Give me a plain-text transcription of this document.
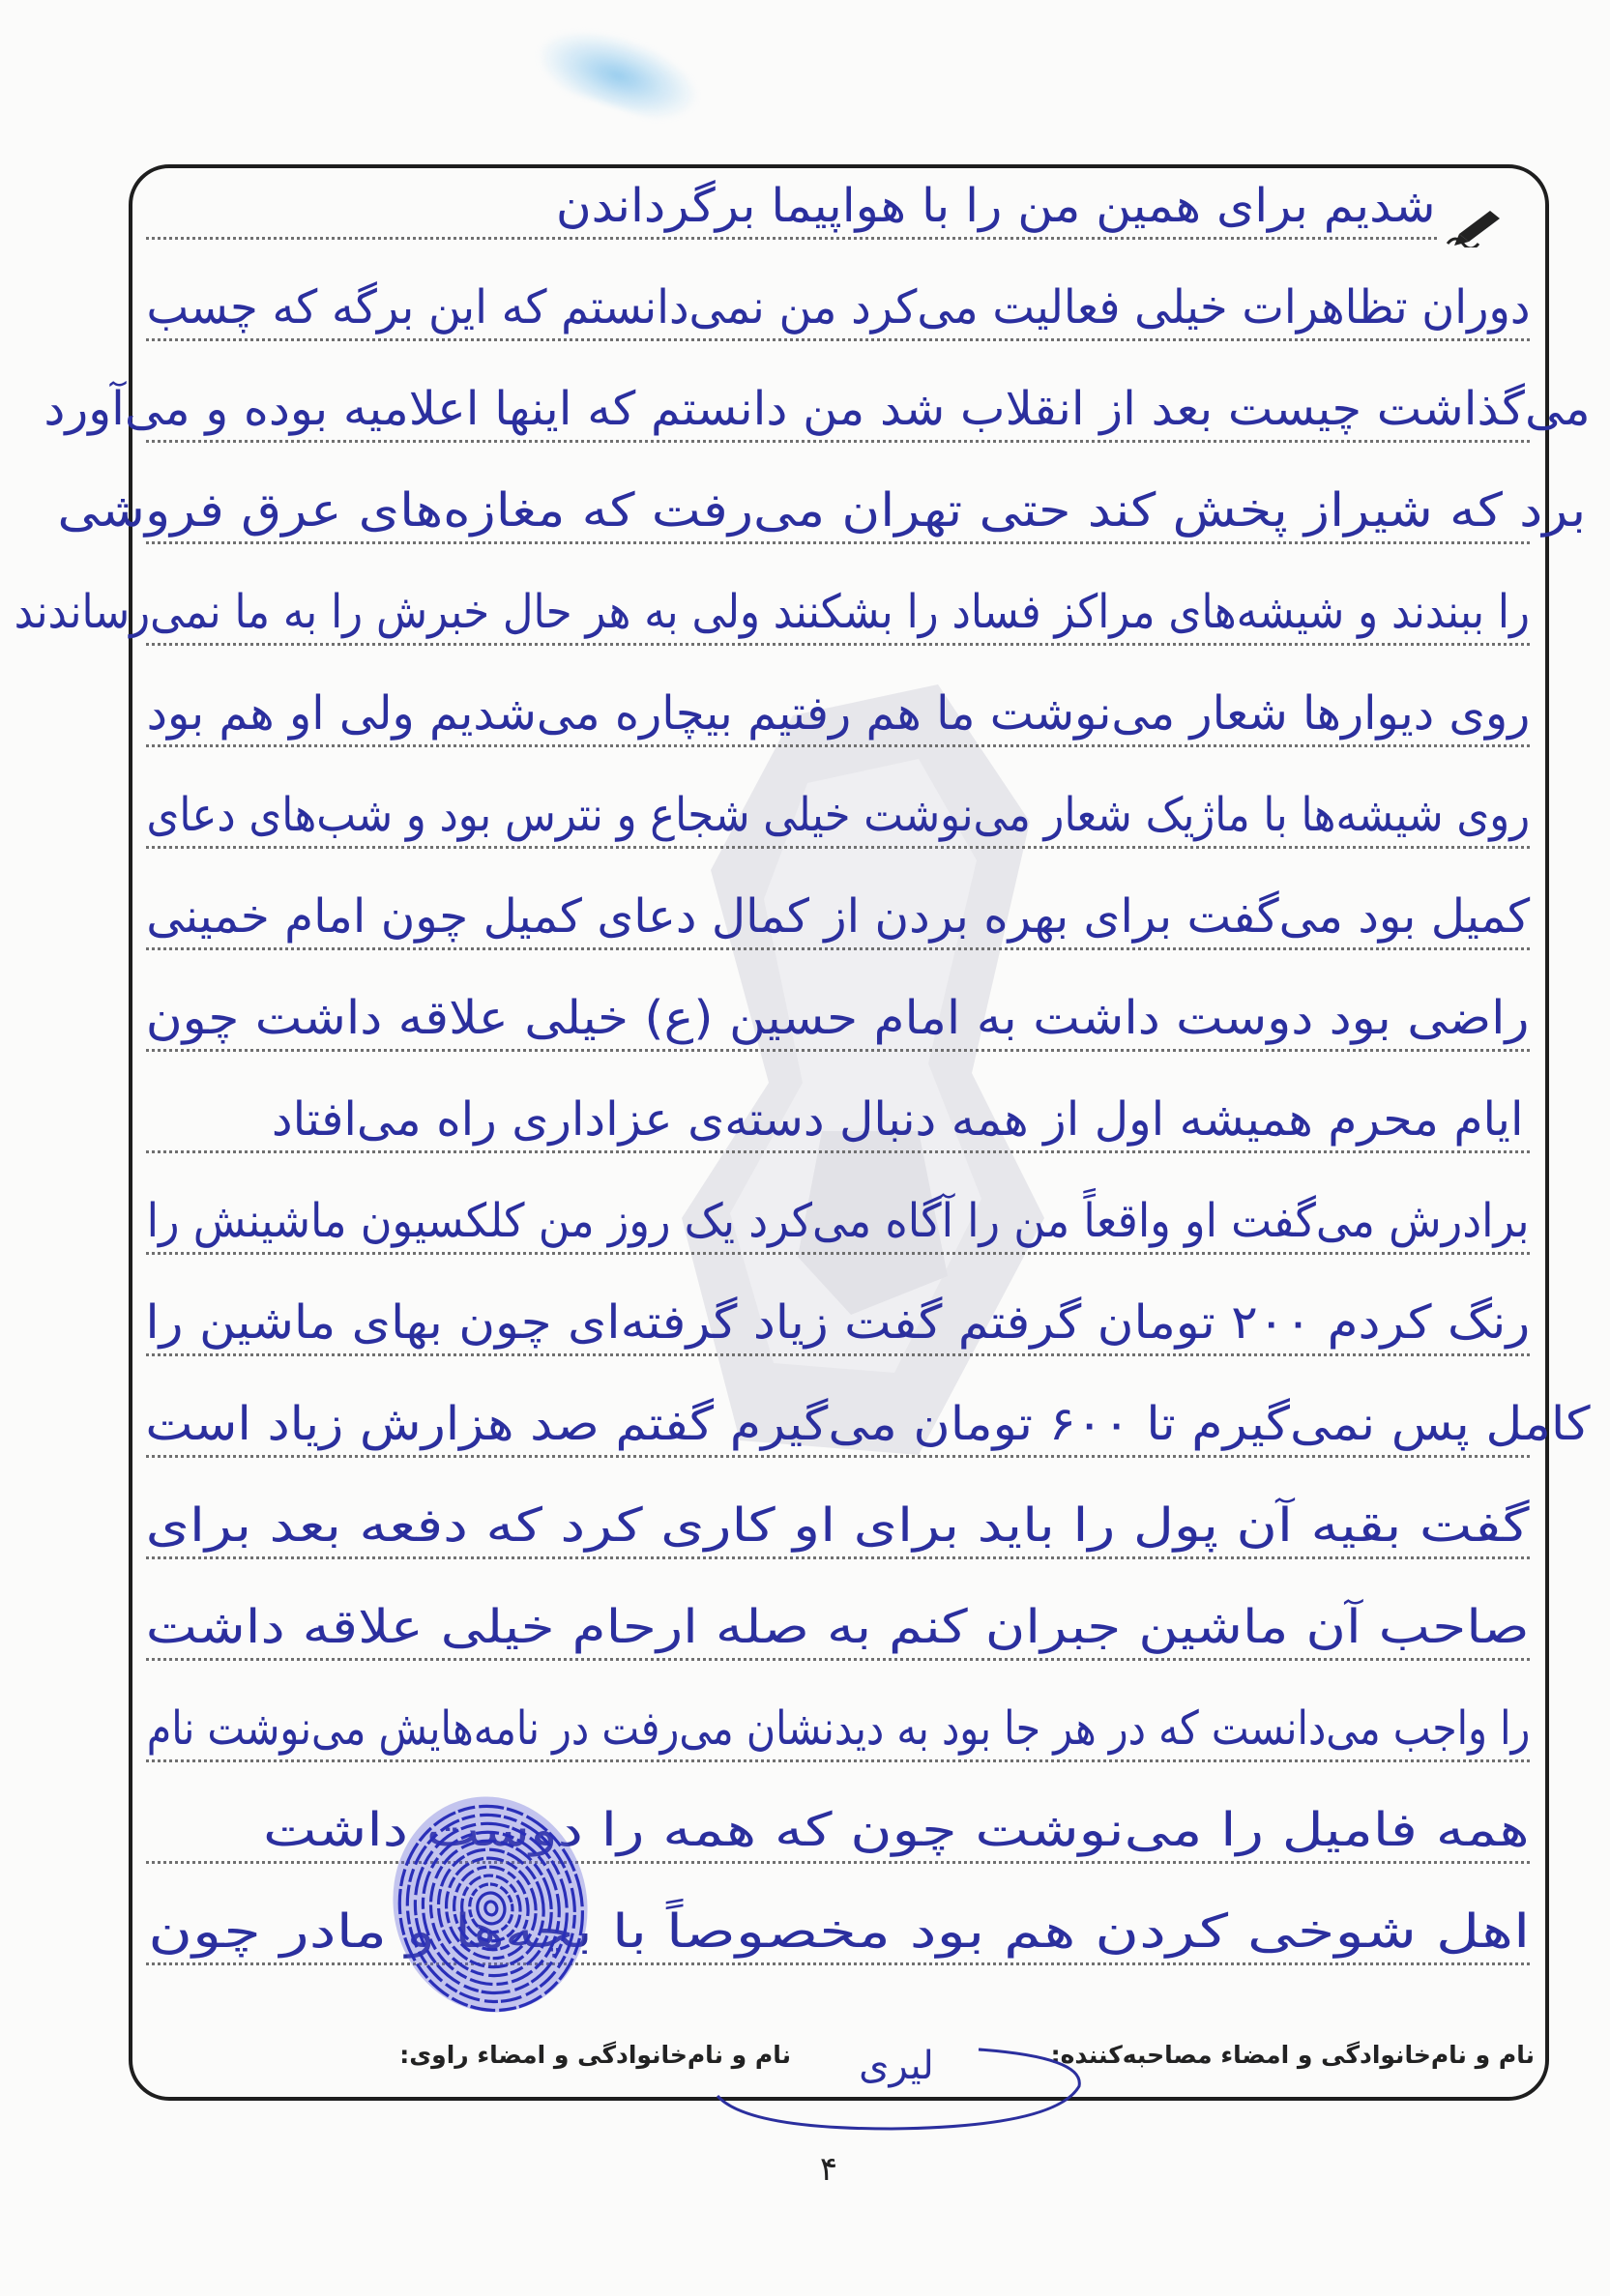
شدیم برای همین من را با هواپیما برگرداندن
دوران تظاهرات خیلی فعالیت می‌کرد من نمی‌دانستم که این برگه که چسب
می‌گذاشت چیست بعد از انقلاب شد من دانستم که اینها اعلامیه بوده و می‌آورد
برد که شیراز پخش کند حتی تهران می‌رفت که مغازه‌های عرق فروشی
را ببندند و شیشه‌های مراکز فساد را بشکنند ولی به هر حال خبرش را به ما نمی‌رساندند
روی دیوارها شعار می‌نوشت ما هم رفتیم بیچاره می‌شدیم ولی او هم بود
روی شیشه‌ها با ماژیک شعار می‌نوشت خیلی شجاع و نترس بود و شب‌های دعای
کمیل بود می‌گفت برای بهره بردن از کمال دعای کمیل چون امام خمینی
راضی بود دوست داشت به امام حسین (ع) خیلی علاقه داشت چون
ایام محرم همیشه اول از همه دنبال دسته‌ی عزاداری راه می‌افتاد
برادرش می‌گفت او واقعاً من را آگاه می‌کرد یک روز من کلکسیون ماشینش را
رنگ کردم ۲۰۰ تومان گرفتم گفت زیاد گرفته‌ای چون بهای ماشین را
کامل پس نمی‌گیرم تا ۶۰۰ تومان می‌گیرم گفتم صد هزارش زیاد است
گفت بقیه آن پول را باید برای او کاری کرد که دفعه بعد برای
صاحب آن ماشین جبران کنم به صله ارحام خیلی علاقه داشت
را واجب می‌دانست که در هر جا بود به دیدنشان می‌رفت در نامه‌هایش می‌نوشت نام
همه فامیل را می‌نوشت چون که همه را دوست داشت
اهل شوخی کردن هم بود مخصوصاً با بچه‌ها و مادر چون
نام و نام‌خانوادگی و امضاء مصاحبه‌کننده:
نام و نام‌خانوادگی و امضاء راوی: لیری
۴
